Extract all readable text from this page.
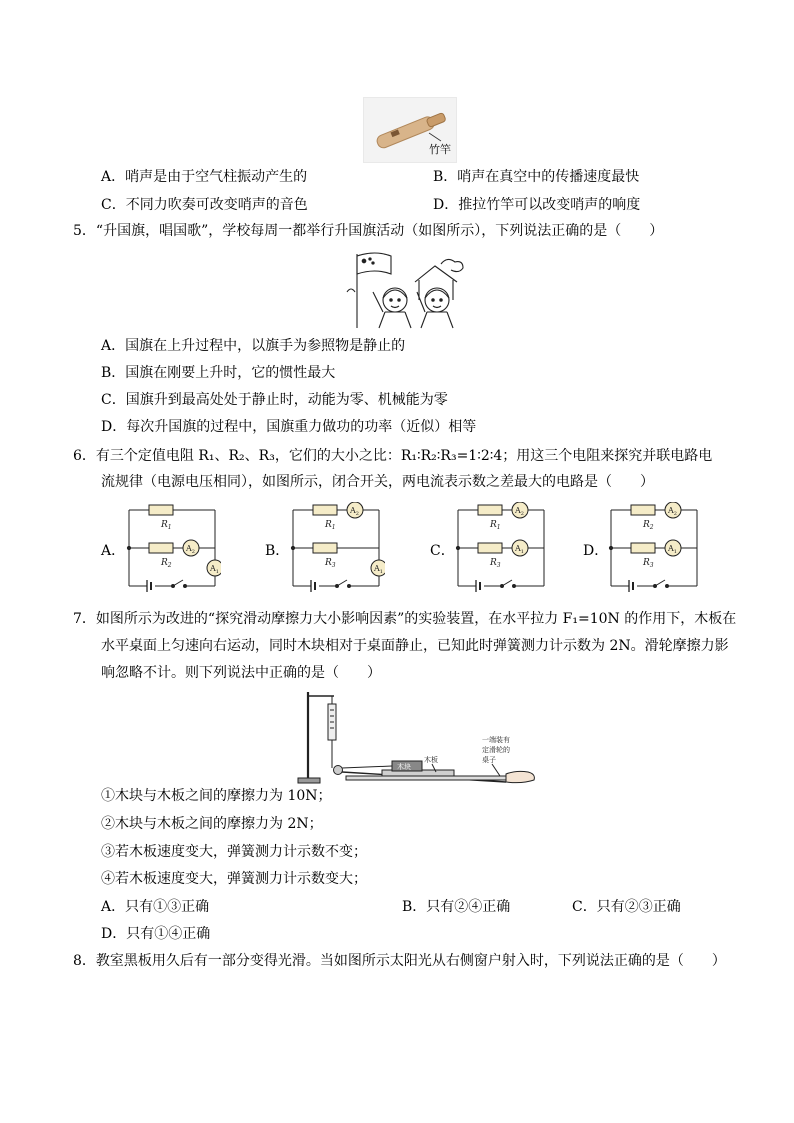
竹竿
A．哨声是由于空气柱振动产生的	B．哨声在真空中的传播速度最快
C．不同力吹奏可改变哨声的音色	D．推拉竹竿可以改变哨声的响度
5．“升国旗，唱国歌”，学校每周一都举行升国旗活动（如图所示），下列说法正确的是（　　）
A．国旗在上升过程中，以旗手为参照物是静止的
B．国旗在刚要上升时，它的惯性最大
C．国旗升到最高处处于静止时，动能为零、机械能为零
D．每次升国旗的过程中，国旗重力做功的功率（近似）相等
6．有三个定值电阻 R₁、R₂、R₃，它们的大小之比：R₁∶R₂∶R₃=1∶2∶4；用这三个电阻来探究并联电路电
流规律（电源电压相同），如图所示，闭合开关，两电流表示数之差最大的电路是（　　）
A．
$R_1$
$R_2$
$A_2$
$A_1$
B．
$R_1$
$R_3$
$A_2$
$A_1$
C．
$R_1$
$R_3$
$A_2$
$A_1$	D．
$R_2$
$R_3$
$A_2$
$A_1$
7．如图所示为改进的“探究滑动摩擦力大小影响因素”的实验装置，在水平拉力 F₁=10N 的作用下，木板在
水平桌面上匀速向右运动，同时木块相对于桌面静止，已知此时弹簧测力计示数为 2N。滑轮摩擦力影
响忽略不计。则下列说法中正确的是（　　）
木块
木板
一端装有
定滑轮的
桌子
①木块与木板之间的摩擦力为 10N；
②木块与木板之间的摩擦力为 2N；
③若木板速度变大，弹簧测力计示数不变；
④若木板速度变大，弹簧测力计示数变大；
A．只有①③正确	B．只有②④正确	C．只有②③正确
D．只有①④正确
8．教室黑板用久后有一部分变得光滑。当如图所示太阳光从右侧窗户射入时，下列说法正确的是（　　）
